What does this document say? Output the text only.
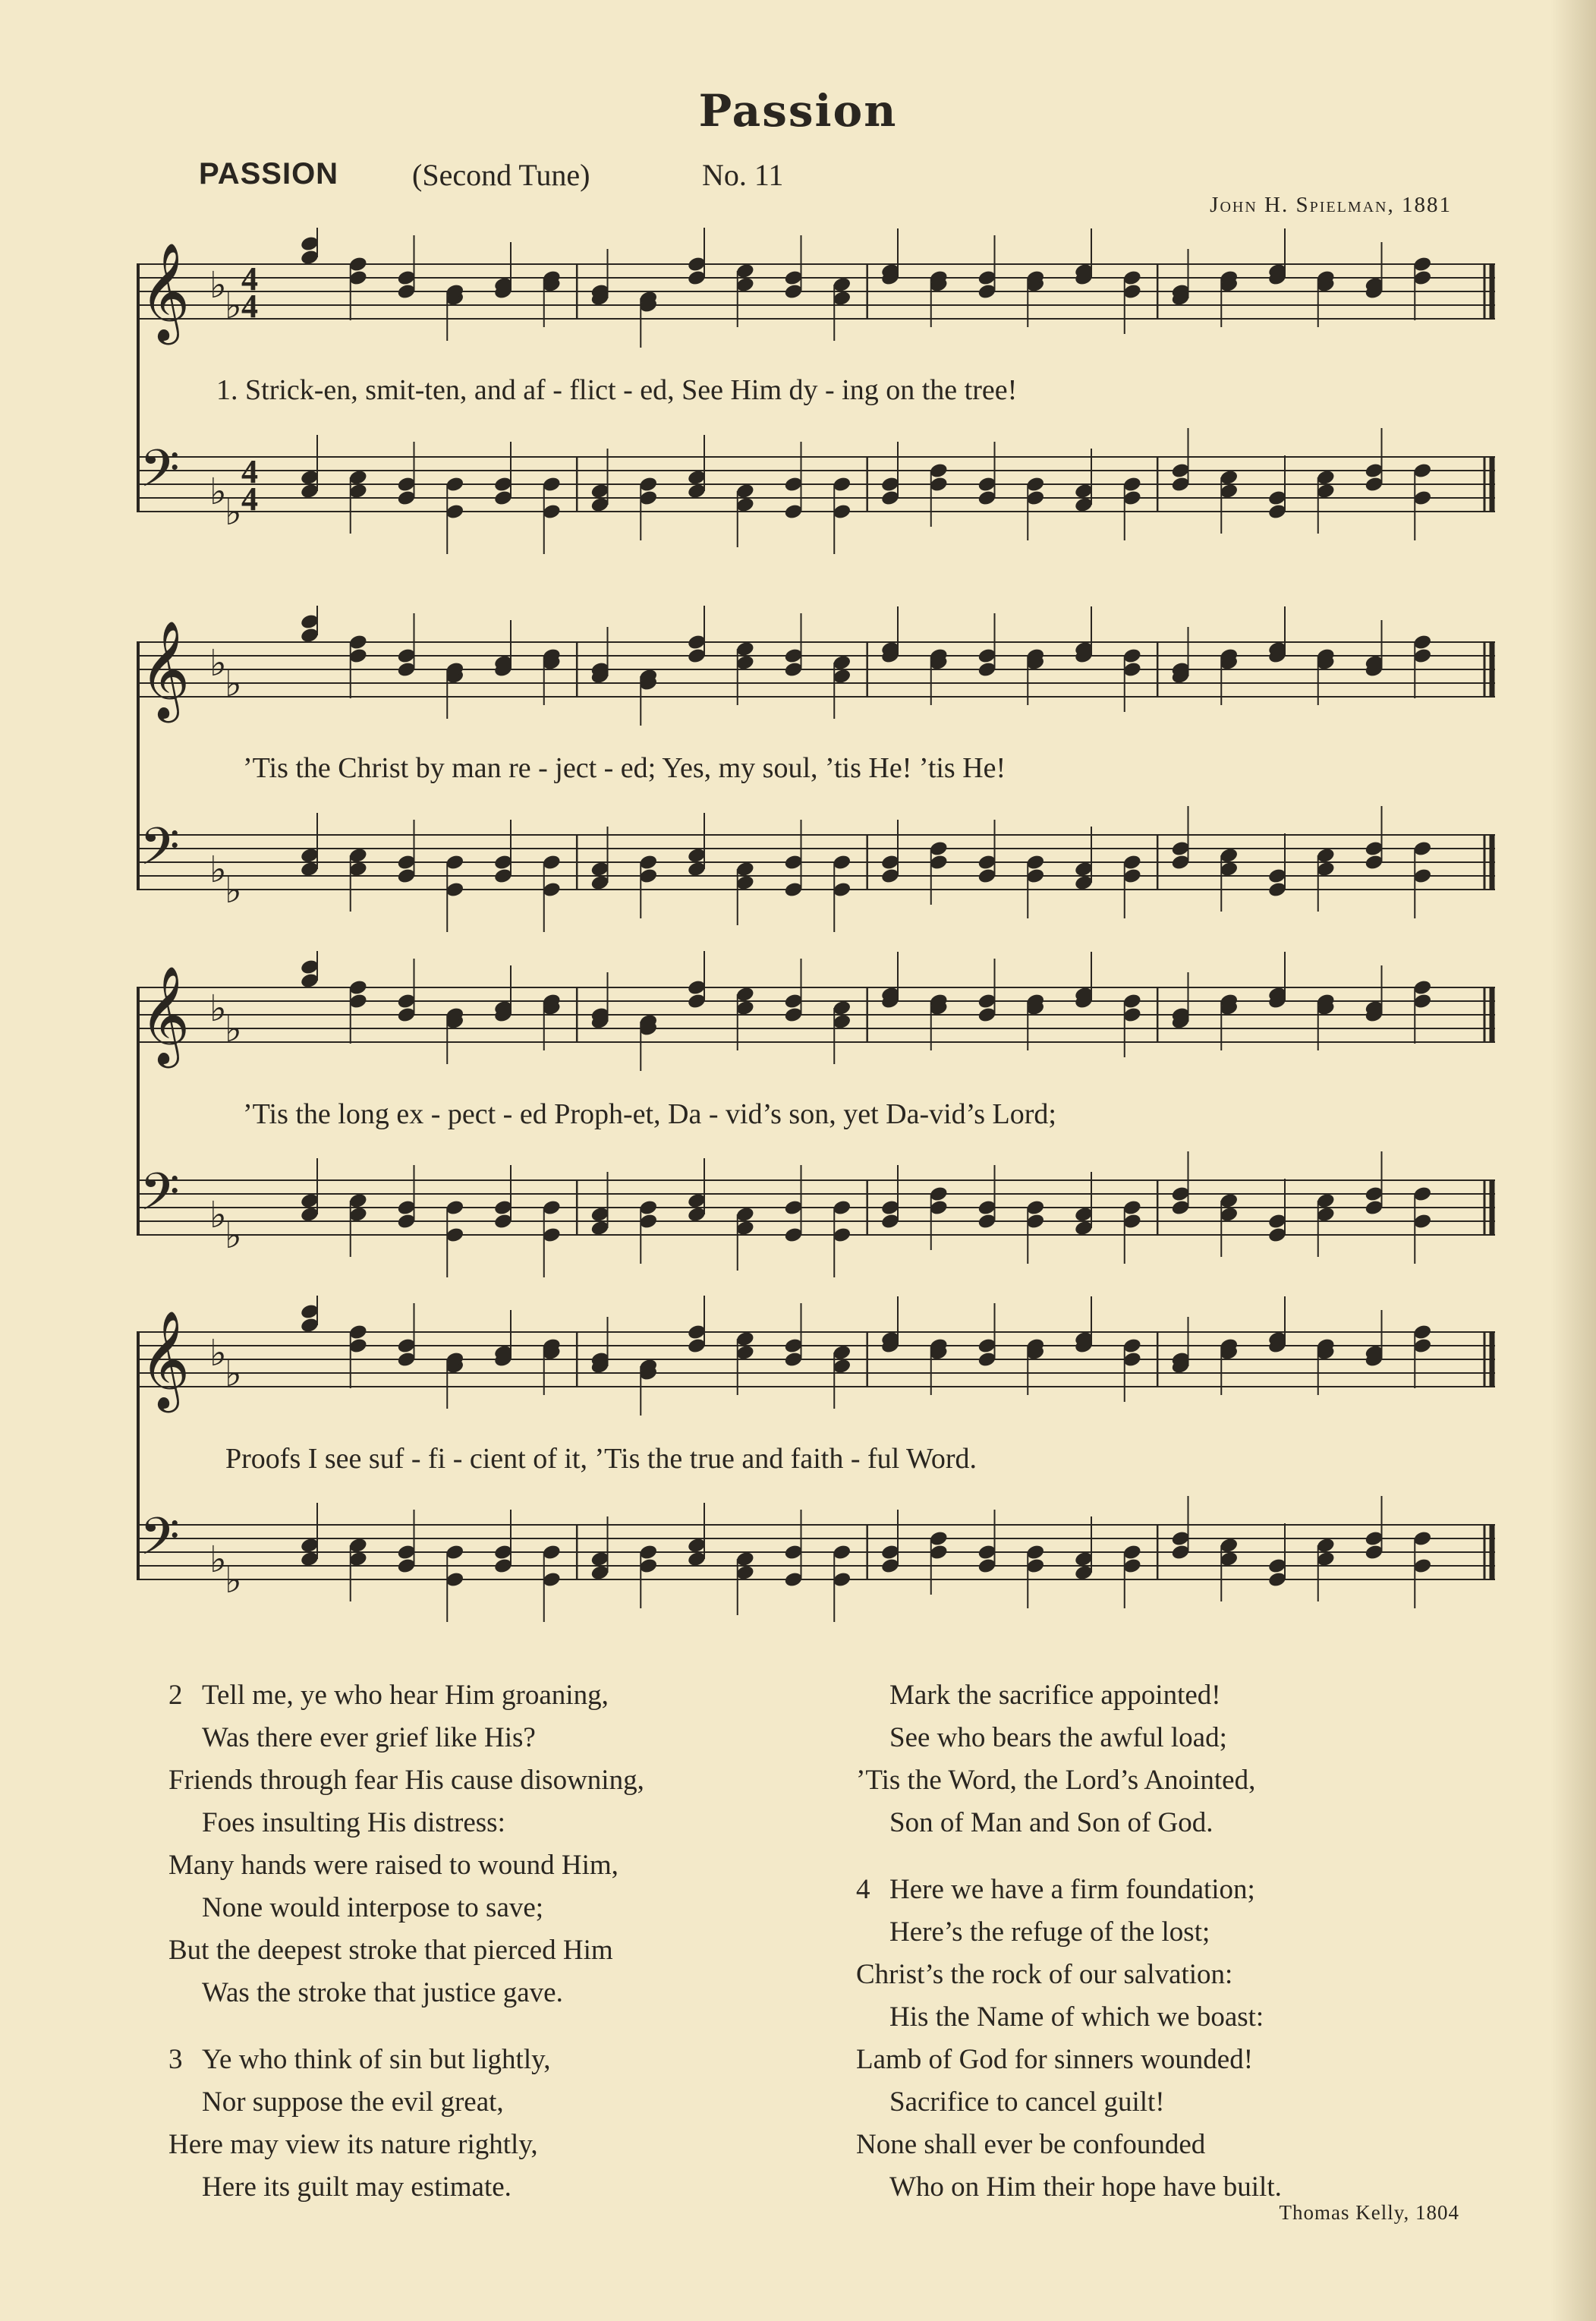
Passion
PASSION (Second Tune)	No. 11
John H. Spielman, 1881
𝄞 ♭
♭
4
4
𝄢 ♭
♭
4
4
1. Strick-en, smit-ten, and af - flict - ed, See Him dy - ing on the tree!
𝄞 ♭
♭
𝄢 ♭
♭
’Tis the Christ by man re - ject - ed; Yes, my soul, ’tis He! ’tis He!
𝄞 ♭
♭
𝄢 ♭
♭
’Tis the long ex - pect - ed Proph-et, Da - vid’s son, yet Da-vid’s Lord;
𝄞 ♭
♭
𝄢 ♭
♭
Proofs I see suf - fi - cient of it, ’Tis the true and faith - ful Word.
2 Tell me, ye who hear Him groaning,
Was there ever grief like His?
Friends through fear His cause disowning,
Foes insulting His distress:
Many hands were raised to wound Him,
None would interpose to save;
But the deepest stroke that pierced Him
Was the stroke that justice gave.
3 Ye who think of sin but lightly,
Nor suppose the evil great,
Here may view its nature rightly,
Here its guilt may estimate.
Mark the sacrifice appointed!
See who bears the awful load;
’Tis the Word, the Lord’s Anointed,
Son of Man and Son of God.
4 Here we have a firm foundation;
Here’s the refuge of the lost;
Christ’s the rock of our salvation:
His the Name of which we boast:
Lamb of God for sinners wounded!
Sacrifice to cancel guilt!
None shall ever be confounded
Who on Him their hope have built.
Thomas Kelly, 1804
